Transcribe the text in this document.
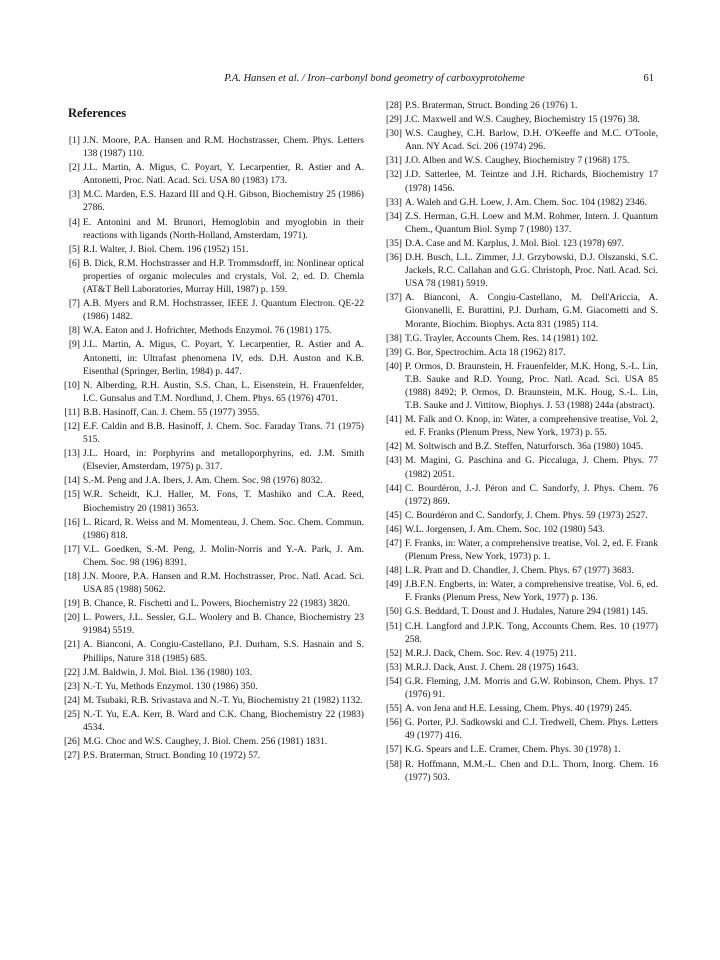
P.A. Hansen et al. / Iron–carbonyl bond geometry of carboxyprotoheme	61
References
[1] J.N. Moore, P.A. Hansen and R.M. Hochstrasser, Chem. Phys. Letters 138 (1987) 110.
[2] J.L. Martin, A. Migus, C. Poyart, Y. Lecarpentier, R. Astier and A. Antonetti, Proc. Natl. Acad. Sci. USA 80 (1983) 173.
[3] M.C. Marden, E.S. Hazard III and Q.H. Gibson, Biochemistry 25 (1986) 2786.
[4] E. Antonini and M. Brunori, Hemoglobin and myoglobin in their reactions with ligands (North-Holland, Amsterdam, 1971).
[5] R.I. Walter, J. Biol. Chem. 196 (1952) 151.
[6] B. Dick, R.M. Hochstrasser and H.P. Trommsdorff, in: Nonlinear optical properties of organic molecules and crystals, Vol. 2, ed. D. Chemla (AT&T Bell Laboratories, Murray Hill, 1987) p. 159.
[7] A.B. Myers and R.M. Hochstrasser, IEEE J. Quantum Electron. QE-22 (1986) 1482.
[8] W.A. Eaton and J. Hofrichter, Methods Enzymol. 76 (1981) 175.
[9] J.L. Martin, A. Migus, C. Poyart, Y. Lecarpentier, R. Astier and A. Antonetti, in: Ultrafast phenomena IV, eds. D.H. Auston and K.B. Eisenthal (Springer, Berlin, 1984) p. 447.
[10] N. Alberding, R.H. Austin, S.S. Chan, L. Eisenstein, H. Frauenfelder, I.C. Gunsalus and T.M. Nordlund, J. Chem. Phys. 65 (1976) 4701.
[11] B.B. Hasinoff, Can. J. Chem. 55 (1977) 3955.
[12] E.F. Caldin and B.B. Hasinoff, J. Chem. Soc. Faraday Trans. 71 (1975) 515.
[13] J.L. Hoard, in: Porphyrins and metalloporphyrins, ed. J.M. Smith (Elsevier, Amsterdam, 1975) p. 317.
[14] S.-M. Peng and J.A. Ibers, J. Am. Chem. Soc. 98 (1976) 8032.
[15] W.R. Scheidt, K.J. Haller, M. Fons, T. Mashiko and C.A. Reed, Biochemistry 20 (1981) 3653.
[16] L. Ricard, R. Weiss and M. Momenteau, J. Chem. Soc. Chem. Commun. (1986) 818.
[17] V.L. Goedken, S.-M. Peng, J. Molin-Norris and Y.-A. Park, J. Am. Chem. Soc. 98 (196) 8391.
[18] J.N. Moore, P.A. Hansen and R.M. Hochstrasser, Proc. Natl. Acad. Sci. USA 85 (1988) 5062.
[19] B. Chance, R. Fischetti and L. Powers, Biochemistry 22 (1983) 3820.
[20] L. Powers, J.L. Sessler, G.L. Woolery and B. Chance, Biochemistry 23 91984) 5519.
[21] A. Bianconi, A. Congiu-Castellano, P.J. Durham, S.S. Hasnain and S. Phillips, Nature 318 (1985) 685.
[22] J.M. Baldwin, J. Mol. Biol. 136 (1980) 103.
[23] N.-T. Yu, Methods Enzymol. 130 (1986) 350.
[24] M. Tsubaki, R.B. Srivastava and N.-T. Yu, Biochemistry 21 (1982) 1132.
[25] N.-T. Yu, E.A. Kerr, B. Ward and C.K. Chang, Biochemistry 22 (1983) 4534.
[26] M.G. Choc and W.S. Caughey, J. Biol. Chem. 256 (1981) 1831.
[27] P.S. Braterman, Struct. Bonding 10 (1972) 57.
[28] P.S. Braterman, Struct. Bonding 26 (1976) 1.
[29] J.C. Maxwell and W.S. Caughey, Biochemistry 15 (1976) 38.
[30] W.S. Caughey, C.H. Barlow, D.H. O'Keeffe and M.C. O'Toole, Ann. NY Acad. Sci. 206 (1974) 296.
[31] J.O. Alben and W.S. Caughey, Biochemistry 7 (1968) 175.
[32] J.D. Satterlee, M. Teintze and J.H. Richards, Biochemistry 17 (1978) 1456.
[33] A. Waleh and G.H. Loew, J. Am. Chem. Soc. 104 (1982) 2346.
[34] Z.S. Herman, G.H. Loew and M.M. Rohmer, Intern. J. Quantum Chem., Quantum Biol. Symp 7 (1980) 137.
[35] D.A. Case and M. Karplus, J. Mol. Biol. 123 (1978) 697.
[36] D.H. Busch, L.L. Zimmer, J.J. Grzybowski, D.J. Olszanski, S.C. Jackels, R.C. Callahan and G.G. Christoph, Proc. Natl. Acad. Sci. USA 78 (1981) 5919.
[37] A. Bianconi, A. Congiu-Castellano, M. Dell'Ariccia, A. Gionvanelli, E. Burattini, P.J. Durham, G.M. Giacometti and S. Morante, Biochim. Biophys. Acta 831 (1985) 114.
[38] T.G. Trayler, Accounts Chem. Res. 14 (1981) 102.
[39] G. Bor, Spectrochim. Acta 18 (1962) 817.
[40] P. Ormos, D. Braunstein, H. Frauenfelder, M.K. Hong, S.-L. Lin, T.B. Sauke and R.D. Young, Proc. Natl. Acad. Sci. USA 85 (1988) 8492; P. Ormos, D. Braunstein, M.K. Houg, S.-L. Lin, T.B. Sauke and J. Vittitow, Biophys. J. 53 (1988) 244a (abstract).
[41] M. Falk and O. Knop, in: Water, a comprehensive treatise, Vol. 2, ed. F. Franks (Plenum Press, New York, 1973) p. 55.
[42] M. Soltwisch and B.Z. Steffen, Naturforsch. 36a (1980) 1045.
[43] M. Magini, G. Paschina and G. Piccaluga, J. Chem. Phys. 77 (1982) 2051.
[44] C. Bourdéron, J.-J. Péron and C. Sandorfy, J. Phys. Chem. 76 (1972) 869.
[45] C. Bourdéron and C. Sandorfy, J. Chem. Phys. 59 (1973) 2527.
[46] W.L. Jorgensen, J. Am. Chem. Soc. 102 (1980) 543.
[47] F. Franks, in: Water, a comprehensive treatise, Vol. 2, ed. F. Frank (Plenum Press, New York, 1973) p. 1.
[48] L.R. Pratt and D. Chandler, J. Chem. Phys. 67 (1977) 3683.
[49] J.B.F.N. Engberts, in: Water, a comprehensive treatise, Vol. 6, ed. F. Franks (Plenum Press, New York, 1977) p. 136.
[50] G.S. Beddard, T. Doust and J. Hudales, Nature 294 (1981) 145.
[51] C.H. Langford and J.P.K. Tong, Accounts Chem. Res. 10 (1977) 258.
[52] M.R.J. Dack, Chem. Soc. Rev. 4 (1975) 211.
[53] M.R.J. Dack, Aust. J. Chem. 28 (1975) 1643.
[54] G.R. Fleming, J.M. Morris and G.W. Robinson, Chem. Phys. 17 (1976) 91.
[55] A. von Jena and H.E. Lessing, Chem. Phys. 40 (1979) 245.
[56] G. Porter, P.J. Sadkowski and C.J. Tredwell, Chem. Phys. Letters 49 (1977) 416.
[57] K.G. Spears and L.E. Cramer, Chem. Phys. 30 (1978) 1.
[58] R. Hoffmann, M.M.-L. Chen and D.L. Thorn, Inorg. Chem. 16 (1977) 503.
